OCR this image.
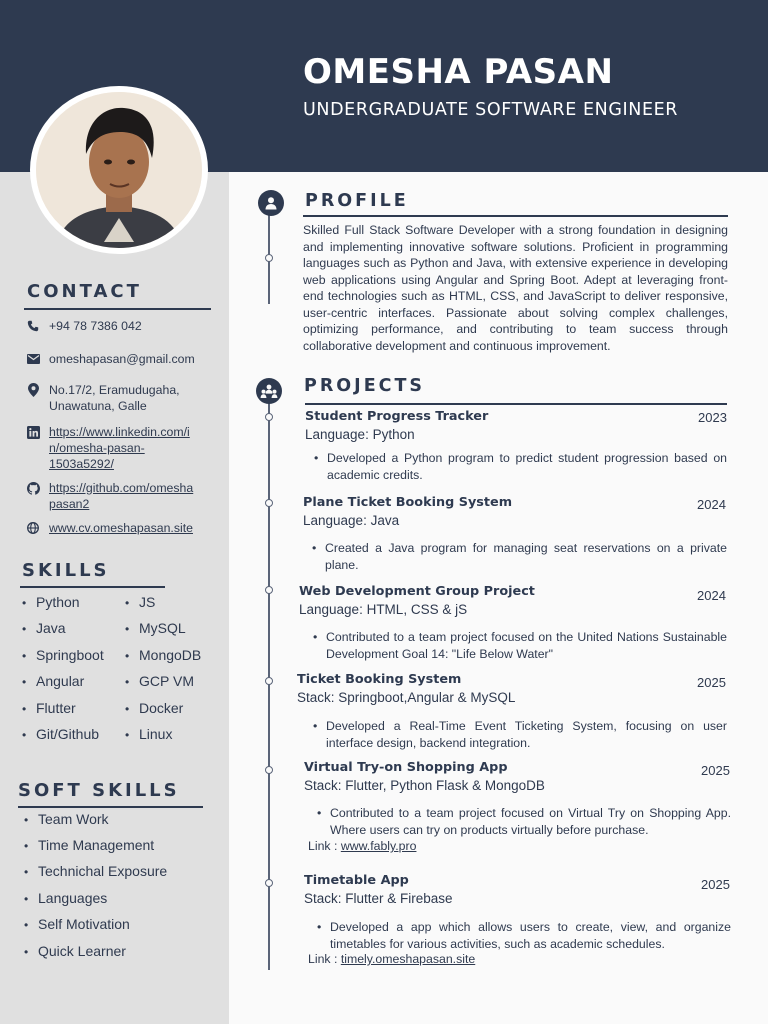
OMESHA PASAN
UNDERGRADUATE SOFTWARE ENGINEER
CONTACT
+94 78 7386 042
omeshapasan@gmail.com
No.17/2, Eramudugaha,
Unawatuna, Galle
https://www.linkedin.com/i
n/omesha-pasan-
1503a5292/
https://github.com/omesha
pasan2
www.cv.omeshapasan.site
SKILLS
• Python
• Java
• Springboot
• Angular
• Flutter
• Git/Github
• JS
• MySQL
• MongoDB
• GCP VM
• Docker
• Linux
SOFT SKILLS
• Team Work
• Time Management
• Technichal Exposure
• Languages
• Self Motivation
• Quick Learner
PROFILE
Skilled Full Stack Software Developer with a strong foundation in designing and implementing innovative software solutions. Proficient in programming languages such as Python and Java, with extensive experience in developing web applications using Angular and Spring Boot. Adept at leveraging front-end technologies such as HTML, CSS, and JavaScript to deliver responsive, user-centric interfaces. Passionate about solving complex challenges, optimizing performance, and contributing to team success through collaborative development and continuous improvement.
PROJECTS
Student Progress Tracker	2023
Language: Python
• Developed a Python program to predict student progression based on academic credits.
Plane Ticket Booking System	2024
Language: Java
• Created a Java program for managing seat reservations on a private plane.
Web Development Group Project	2024
Language: HTML, CSS & jS
• Contributed to a team project focused on the United Nations Sustainable Development Goal 14: "Life Below Water"
Ticket Booking System	2025
Stack: Springboot,Angular & MySQL
• Developed a Real-Time Event Ticketing System, focusing on user interface design, backend integration.
Virtual Try-on Shopping App	2025
Stack: Flutter, Python Flask & MongoDB
• Contributed to a team project focused on Virtual Try on Shopping App. Where users can try on products virtually before purchase.
Link : www.fably.pro
Timetable App	2025
Stack: Flutter & Firebase
• Developed a app which allows users to create, view, and organize timetables for various activities, such as academic schedules.
Link : timely.omeshapasan.site
